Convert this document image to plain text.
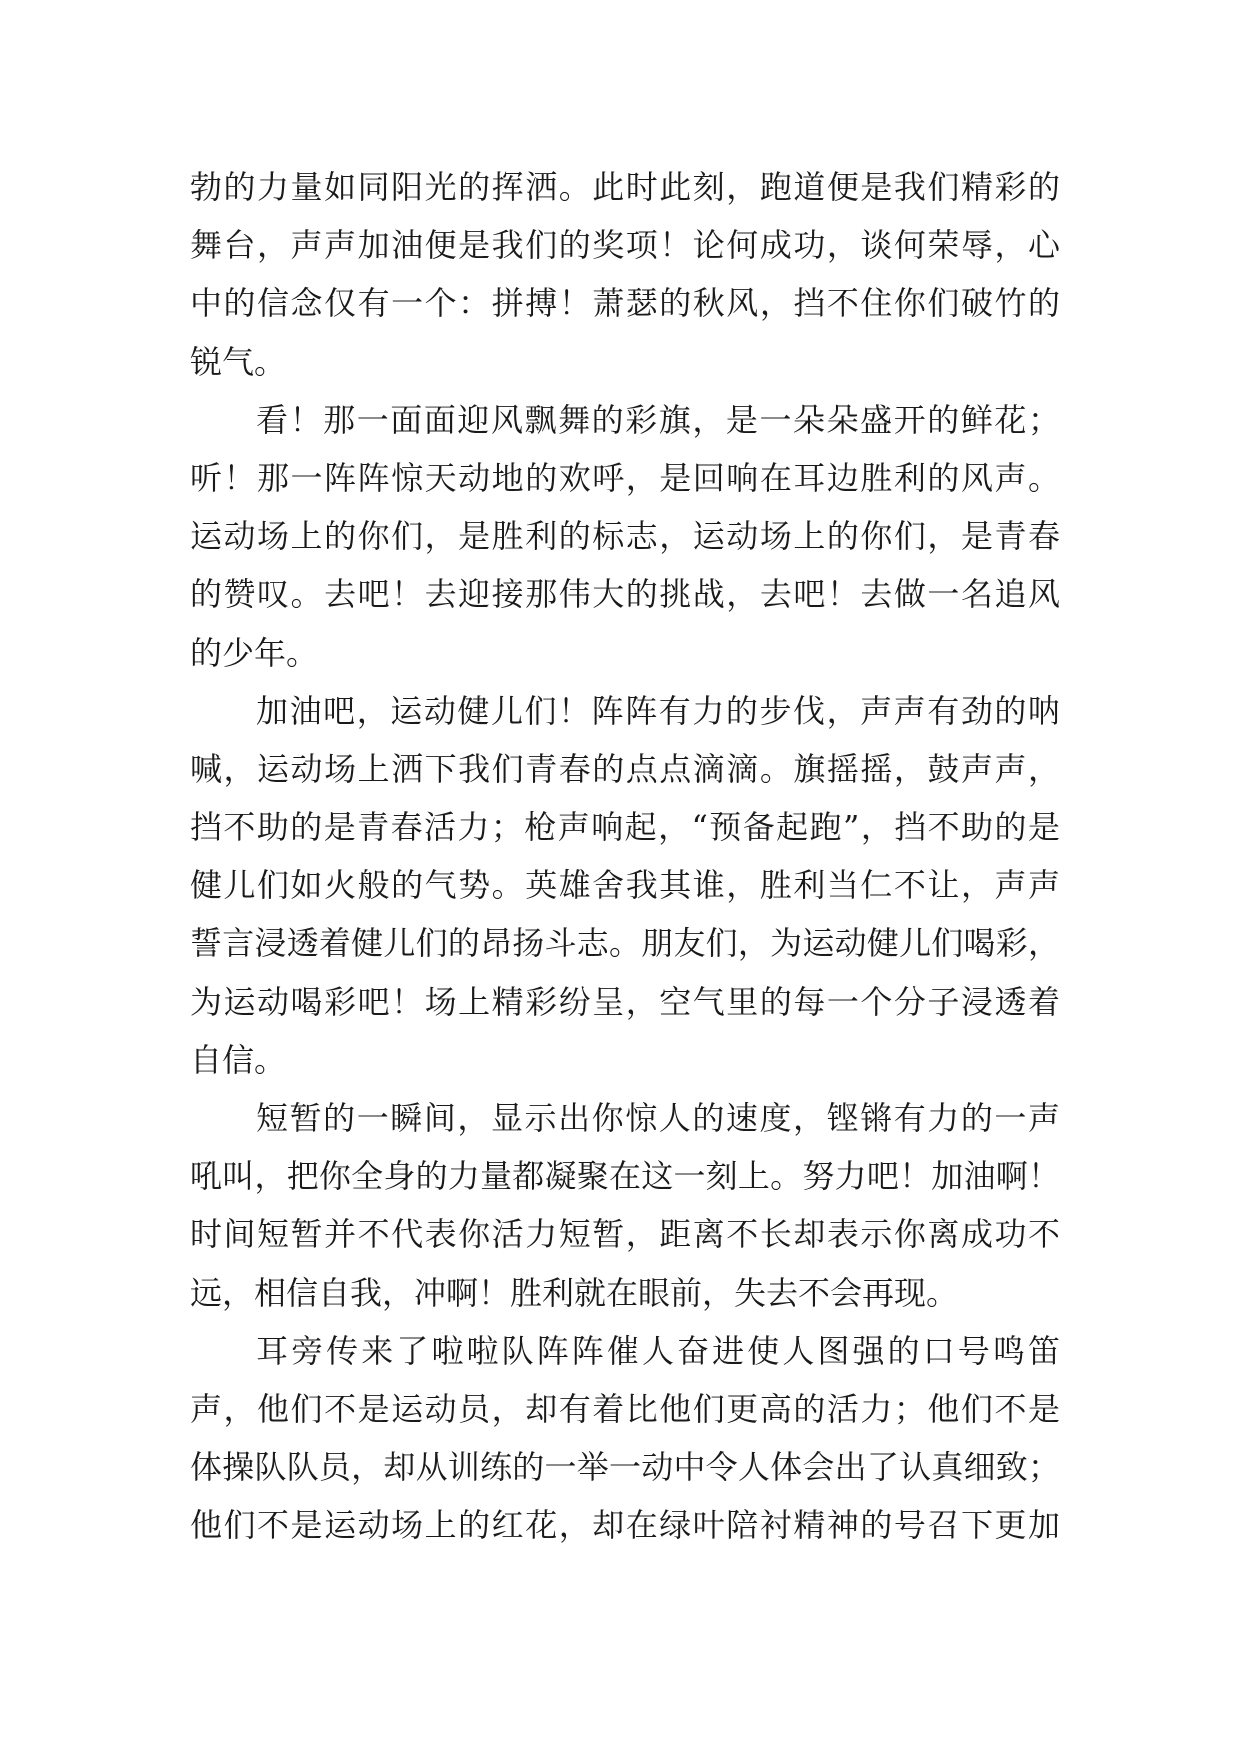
勃的力量如同阳光的挥洒。此时此刻，跑道便是我们精彩的
舞台，声声加油便是我们的奖项！论何成功，谈何荣辱，心
中的信念仅有一个：拼搏！萧瑟的秋风，挡不住你们破竹的
锐气。
看！那一面面迎风飘舞的彩旗，是一朵朵盛开的鲜花；
听！那一阵阵惊天动地的欢呼，是回响在耳边胜利的风声。
运动场上的你们，是胜利的标志，运动场上的你们，是青春
的赞叹。去吧！去迎接那伟大的挑战，去吧！去做一名追风
的少年。
加油吧，运动健儿们！阵阵有力的步伐，声声有劲的呐
喊，运动场上洒下我们青春的点点滴滴。旗摇摇，鼓声声，
挡不助的是青春活力；枪声响起，“预备起跑”，挡不助的是
健儿们如火般的气势。英雄舍我其谁，胜利当仁不让，声声
誓言浸透着健儿们的昂扬斗志。朋友们，为运动健儿们喝彩，
为运动喝彩吧！场上精彩纷呈，空气里的每一个分子浸透着
自信。
短暂的一瞬间，显示出你惊人的速度，铿锵有力的一声
吼叫，把你全身的力量都凝聚在这一刻上。努力吧！加油啊！
时间短暂并不代表你活力短暂，距离不长却表示你离成功不
远，相信自我，冲啊！胜利就在眼前，失去不会再现。
耳旁传来了啦啦队阵阵催人奋进使人图强的口号鸣笛
声，他们不是运动员，却有着比他们更高的活力；他们不是
体操队队员，却从训练的一举一动中令人体会出了认真细致；
他们不是运动场上的红花，却在绿叶陪衬精神的号召下更加
